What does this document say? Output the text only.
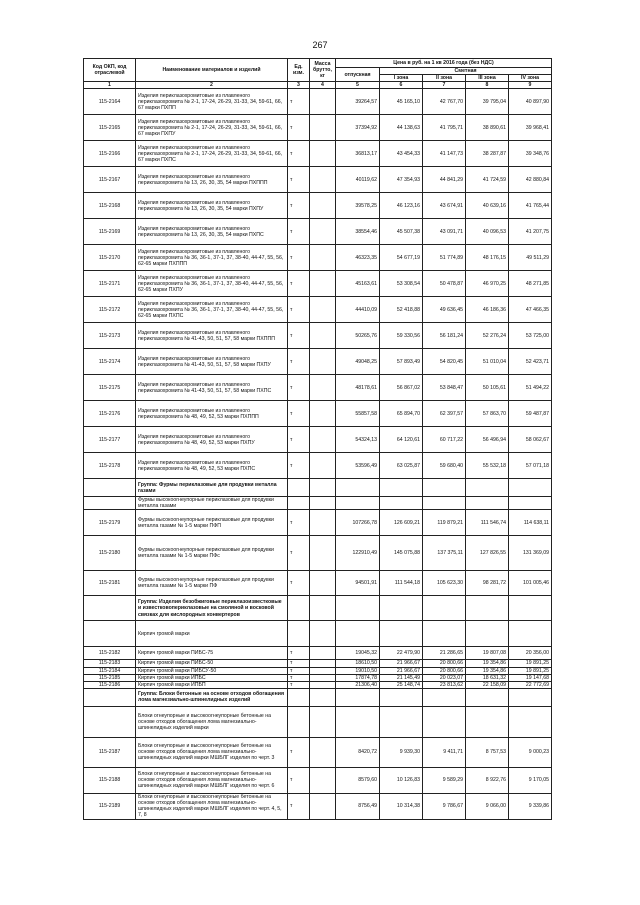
267
Код ОКП, код отраслевой	Наименование материалов и изделий	Ед. изм.	Масса брутто, кг	Цена в руб. на 1 кв 2016 года (без НДС)				
				отпускная	Сметная			
					I зона	II зона	III зона	IV зона
1	2	3	4	5	6	7	8	9
115-2164	Изделия периклазохромитовые из плавленого периклазохромита № 2-1, 17-24, 26-29, 31-33, 34, 59-61, 66, 67 марки ПХПП	т		39264,57	45 165,10	42 767,70	39 795,04	40 897,90
115-2165	Изделия периклазохромитовые из плавленого периклазохромита № 2-1, 17-24, 26-29, 31-33, 34, 59-61, 66, 67 марки ПХПУ	т		37394,92	44 138,63	41 795,71	38 890,61	39 968,41
115-2166	Изделия периклазохромитовые из плавленого периклазохромита № 2-1, 17-24, 26-29, 31-33, 34, 59-61, 66, 67 марки ПХПС	т		36813,17	43 454,33	41 147,73	38 287,87	39 348,76
115-2167	Изделия периклазохромитовые из плавленого периклазохромита № 13, 26, 30, 35, 54 марки ПХППП	т		40119,62	47 354,93	44 841,29	41 724,59	42 880,84
115-2168	Изделия периклазохромитовые из плавленого периклазохромита № 13, 26, 30, 35, 54 марки ПХПУ	т		39578,25	46 123,16	43 674,91	40 639,16	41 765,44
115-2169	Изделия периклазохромитовые из плавленого периклазохромита № 13, 26, 30, 35, 54 марки ПХПС	т		38554,46	45 507,38	43 091,71	40 096,53	41 207,75
115-2170	Изделия периклазохромитовые из плавленого периклазохромита № 36, 36-1, 37-1, 37, 38-40, 44-47, 55, 56, 62-65 марки ПХППП	т		46323,35	54 677,19	51 774,89	48 176,15	49 511,29
115-2171	Изделия периклазохромитовые из плавленого периклазохромита № 36, 36-1, 37-1, 37, 38-40, 44-47, 55, 56, 62-65 марки ПХПУ	т		45163,61	53 308,54	50 478,87	46 970,25	48 271,85
115-2172	Изделия периклазохромитовые из плавленого периклазохромита № 36, 36-1, 37-1, 37, 38-40, 44-47, 55, 56, 62-65 марки ПХПС	т		44410,09	52 418,88	49 636,45	46 186,36	47 466,35
115-2173	Изделия периклазохромитовые из плавленого периклазохромита № 41-43, 50, 51, 57, 58 марки ПХППП	т		50265,76	59 330,56	56 181,24	52 276,24	53 725,00
115-2174	Изделия периклазохромитовые из плавленого периклазохромита № 41-43, 50, 51, 57, 58 марки ПХПУ	т		49048,25	57 893,49	54 820,45	51 010,04	52 423,71
115-2175	Изделия периклазохромитовые из плавленого периклазохромита № 41-43, 50, 51, 57, 58 марки ПХПС	т		48178,61	56 867,02	53 848,47	50 105,61	51 494,22
115-2176	Изделия периклазохромитовые из плавленого периклазохромита № 48, 49, 52, 53 марки ПХППП	т		55857,58	65 894,70	62 397,57	57 863,70	59 487,87
115-2177	Изделия периклазохромитовые из плавленого периклазохромита № 48, 49, 52, 53 марки ПХПУ	т		54324,13	64 120,61	60 717,22	56 496,94	58 062,67
115-2178	Изделия периклазохромитовые из плавленого периклазохромита № 48, 49, 52, 53 марки ПХПС	т		53596,49	63 025,87	59 680,40	55 532,18	57 071,18
	Группа: Фурмы периклазовые для продувки металла газами							
	Фурмы высокоогнеупорные периклазовые для продувки металла газами							
115-2179	Фурмы высокоогнеупорные периклазовые для продувки металла газами № 1-5 марки ПФП	т		107266,78	126 609,21	119 879,21	111 546,74	114 638,11
115-2180	Фурмы высокоогнеупорные периклазовые для продувки металла газами № 1-5 марки ПФс	т		122910,49	145 075,88	137 375,11	127 826,55	131 369,09
115-2181	Фурмы высокоогнеупорные периклазовые для продувки металла газами № 1-5 марки ПФ	т		94501,91	111 544,18	105 623,30	98 281,72	101 005,46
	Группа: Изделия безобжиговые периклазоизвестковые и известковопериклазовые на смоляной и восковой связках для кислородных конвертеров							
	Кирпич громой марки							
115-2182	Кирпич громой марки ПИБС-75	т		19045,32	22 479,90	21 286,65	19 807,08	20 356,00
115-2183	Кирпич громой марки ПИБС-50	т		18610,50	21 966,67	20 800,66	19 354,86	19 891,25
115-2184	Кирпич громой марки ПИБСУ-50	т		19010,50	21 966,67	20 800,66	19 354,86	19 891,25
115-2185	Кирпич громой марки ИПБС	т		17874,78	21 145,49	20 023,07	18 631,32	19 147,68
115-2186	Кирпич громой марки ИПБП	т		21306,40	25 148,74	23 813,62	22 158,09	22 772,69
	Группа: Блоки бетонные на основе отходов обогащения лома магнезиально-шпинелидных изделий							
	Блоки огнеупорные и высокоогнеупорные бетонные на основе отходов обогащения лома магнезиально-шпинелидных изделий марки							
115-2187	Блоки огнеупорные и высокоогнеупорные бетонные на основе отходов обогащения лома магнезиально-шпинелидных изделий марки МШБЛГ изделия по черт. 3	т		8420,72	9 939,30	9 411,71	8 757,53	9 000,23
115-2188	Блоки огнеупорные и высокоогнеупорные бетонные на основе отходов обогащения лома магнезиально-шпинелидных изделий марки МШБЛГ изделия по черт. 6	т		8579,60	10 126,83	9 589,29	8 922,76	9 170,05
115-2189	Блоки огнеупорные и высокоогнеупорные бетонные на основе отходов обогащения лома магнезиально-шпинелидных изделий марки МШБЛГ изделия по черт. 4, 5, 7, 8	т		8756,49	10 314,38	9 786,67	9 066,00	9 339,86
